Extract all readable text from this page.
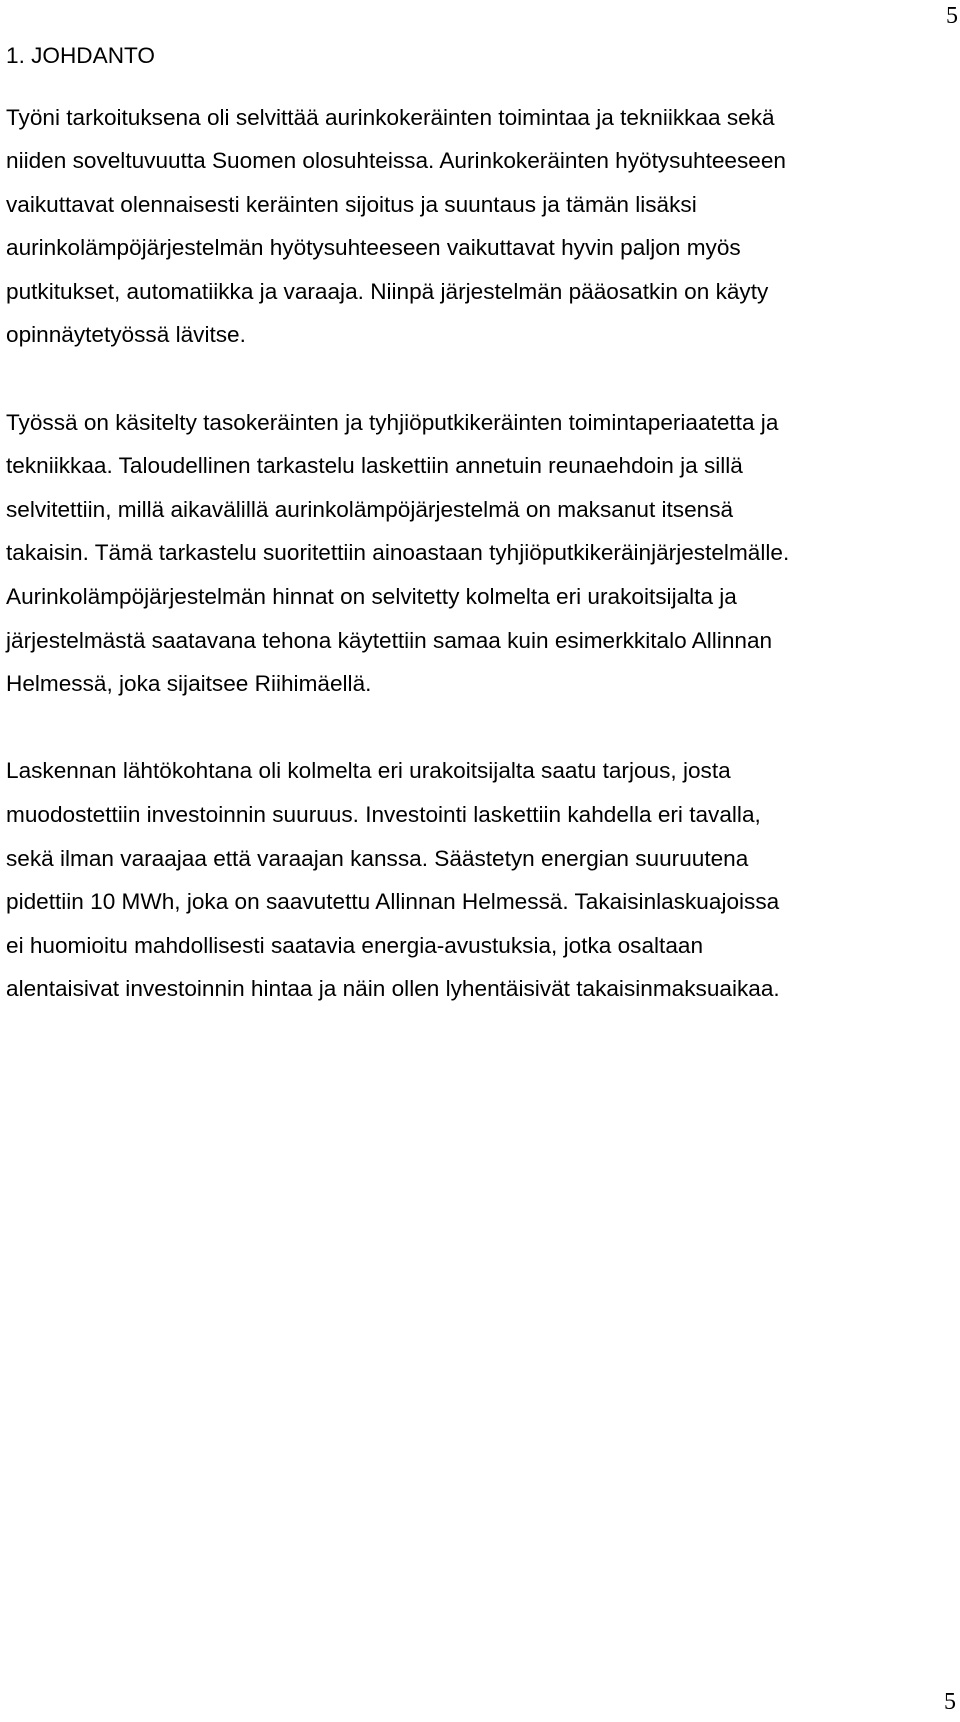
5
1. JOHDANTO

Työni tarkoituksena oli selvittää aurinkokeräinten toimintaa ja tekniikkaa sekä
niiden soveltuvuutta Suomen olosuhteissa. Aurinkokeräinten hyötysuhteeseen
vaikuttavat olennaisesti keräinten sijoitus ja suuntaus ja tämän lisäksi
aurinkolämpöjärjestelmän hyötysuhteeseen vaikuttavat hyvin paljon myös
putkitukset, automatiikka ja varaaja. Niinpä järjestelmän pääosatkin on käyty
opinnäytetyössä lävitse.

Työssä on käsitelty tasokeräinten ja tyhjiöputkikeräinten toimintaperiaatetta ja
tekniikkaa. Taloudellinen tarkastelu laskettiin annetuin reunaehdoin ja sillä
selvitettiin, millä aikavälillä aurinkolämpöjärjestelmä on maksanut itsensä
takaisin. Tämä tarkastelu suoritettiin ainoastaan tyhjiöputkikeräinjärjestelmälle.
Aurinkolämpöjärjestelmän hinnat on selvitetty kolmelta eri urakoitsijalta ja
järjestelmästä saatavana tehona käytettiin samaa kuin esimerkkitalo Allinnan
Helmessä, joka sijaitsee Riihimäellä.

Laskennan lähtökohtana oli kolmelta eri urakoitsijalta saatu tarjous, josta
muodostettiin investoinnin suuruus. Investointi laskettiin kahdella eri tavalla,
sekä ilman varaajaa että varaajan kanssa. Säästetyn energian suuruutena
pidettiin 10 MWh, joka on saavutettu Allinnan Helmessä. Takaisinlaskuajoissa
ei huomioitu mahdollisesti saatavia energia-avustuksia, jotka osaltaan
alentaisivat investoinnin hintaa ja näin ollen lyhentäisivät takaisinmaksuaikaa.

5
